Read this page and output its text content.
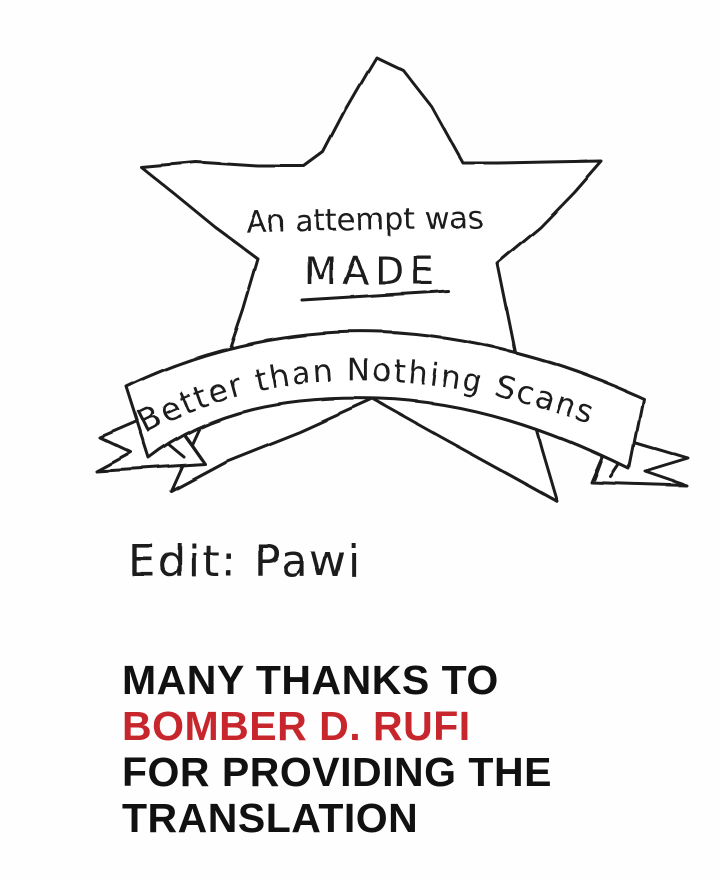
An attempt was
MADE
Better than Nothing Scans
Edit: Pawi
MANY THANKS TO
BOMBER D. RUFI
FOR PROVIDING THE
TRANSLATION
